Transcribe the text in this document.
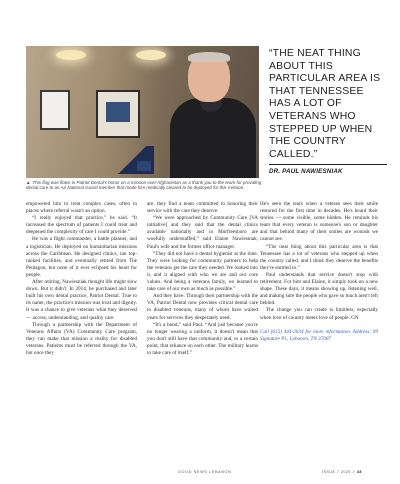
“THE NEAT THING ABOUT THIS PARTICULAR AREA IS THAT TENNESSEE HAS A LOT OF VETERANS WHO STEPPED UP WHEN THE COUNTRY CALLED.”
DR. PAUL NAWIESNIAK
▲ This flag was flown in Patriot Dental's honor on a mission over Afghanistan as a thank you to the team for providing dental care to an Air National Guard member that made him medically cleared to be deployed for this mission.

empowered him to treat complex cases, often in places where referral wasn't an option.

“I really enjoyed that practice,” he said. “It increased the spectrum of patients I could treat and deepened the complexity of care I could provide.”

He was a flight commander, a battle planner, and a logistician. He deployed on humanitarian missions across the Caribbean. He designed clinics, ran top-ranked facilities, and eventually retired from The Pentagon, but none of it ever eclipsed his heart for people.

After retiring, Nawiesniak thought life might slow down. But it didn't. In 2014, he purchased and later built his own dental practice, Patriot Dental. True to its name, the practice's mission was trust and dignity. It was a chance to give veterans what they deserved — access, understanding, and quality care.

Through a partnership with the Department of Veterans Affairs (VA) Community Care program, they can make that mission a reality for disabled veterans. Patients must be referred through the VA, but once they

are, they find a team committed to honoring their service with the care they deserve.

“We were approached by Community Care [VA initiative] and they said that the dental clinics available nationally and in Murfreesboro are woefully understaffed,” said Elaine Nawiesniak, Paul's wife and the former office manager.

“They did not have a dental hygienist at the time. They were looking for community partners to help the veterans get the care they needed. We looked into it, and it aligned with who we are and our core values. And being a veterans family, we learned to take care of our own as much as possible.”

And they have. Through their partnership with the VA, Patriot Dental now provides critical dental care to disabled veterans, many of whom have waited years for services they desperately need.

“It's a bond,” said Paul. “And just because you're no longer wearing a uniform, it doesn't mean that you don't still have that community and, to a certain point, that reliance on each other. The military learns to take care of itself.”

He's seen the tears when a veteran sees their smile restored for the first time in decades. He's heard their stories — some visible, some hidden. He reminds his team that every veteran is someone's son or daughter and that behind many of their smiles are wounds we cannot see.

“The neat thing about this particular area is that Tennessee has a lot of veterans who stepped up when the country called, and I think they deserve the benefits they're entitled to.”

Paul understands that service doesn't stop with retirement. For him and Elaine, it simply took on a new shape. These days, it means showing up, listening well, and making sure the people who gave so much aren't left behind.

The change you can create is limitless, especially when love of country meets love of people. GN

Call (615) 444-2034 for more information. Address: 99 Signature Pl., Lebanon, TN 37087
GOOD NEWS LEBANON	ISSUE 7 2025 // 43
